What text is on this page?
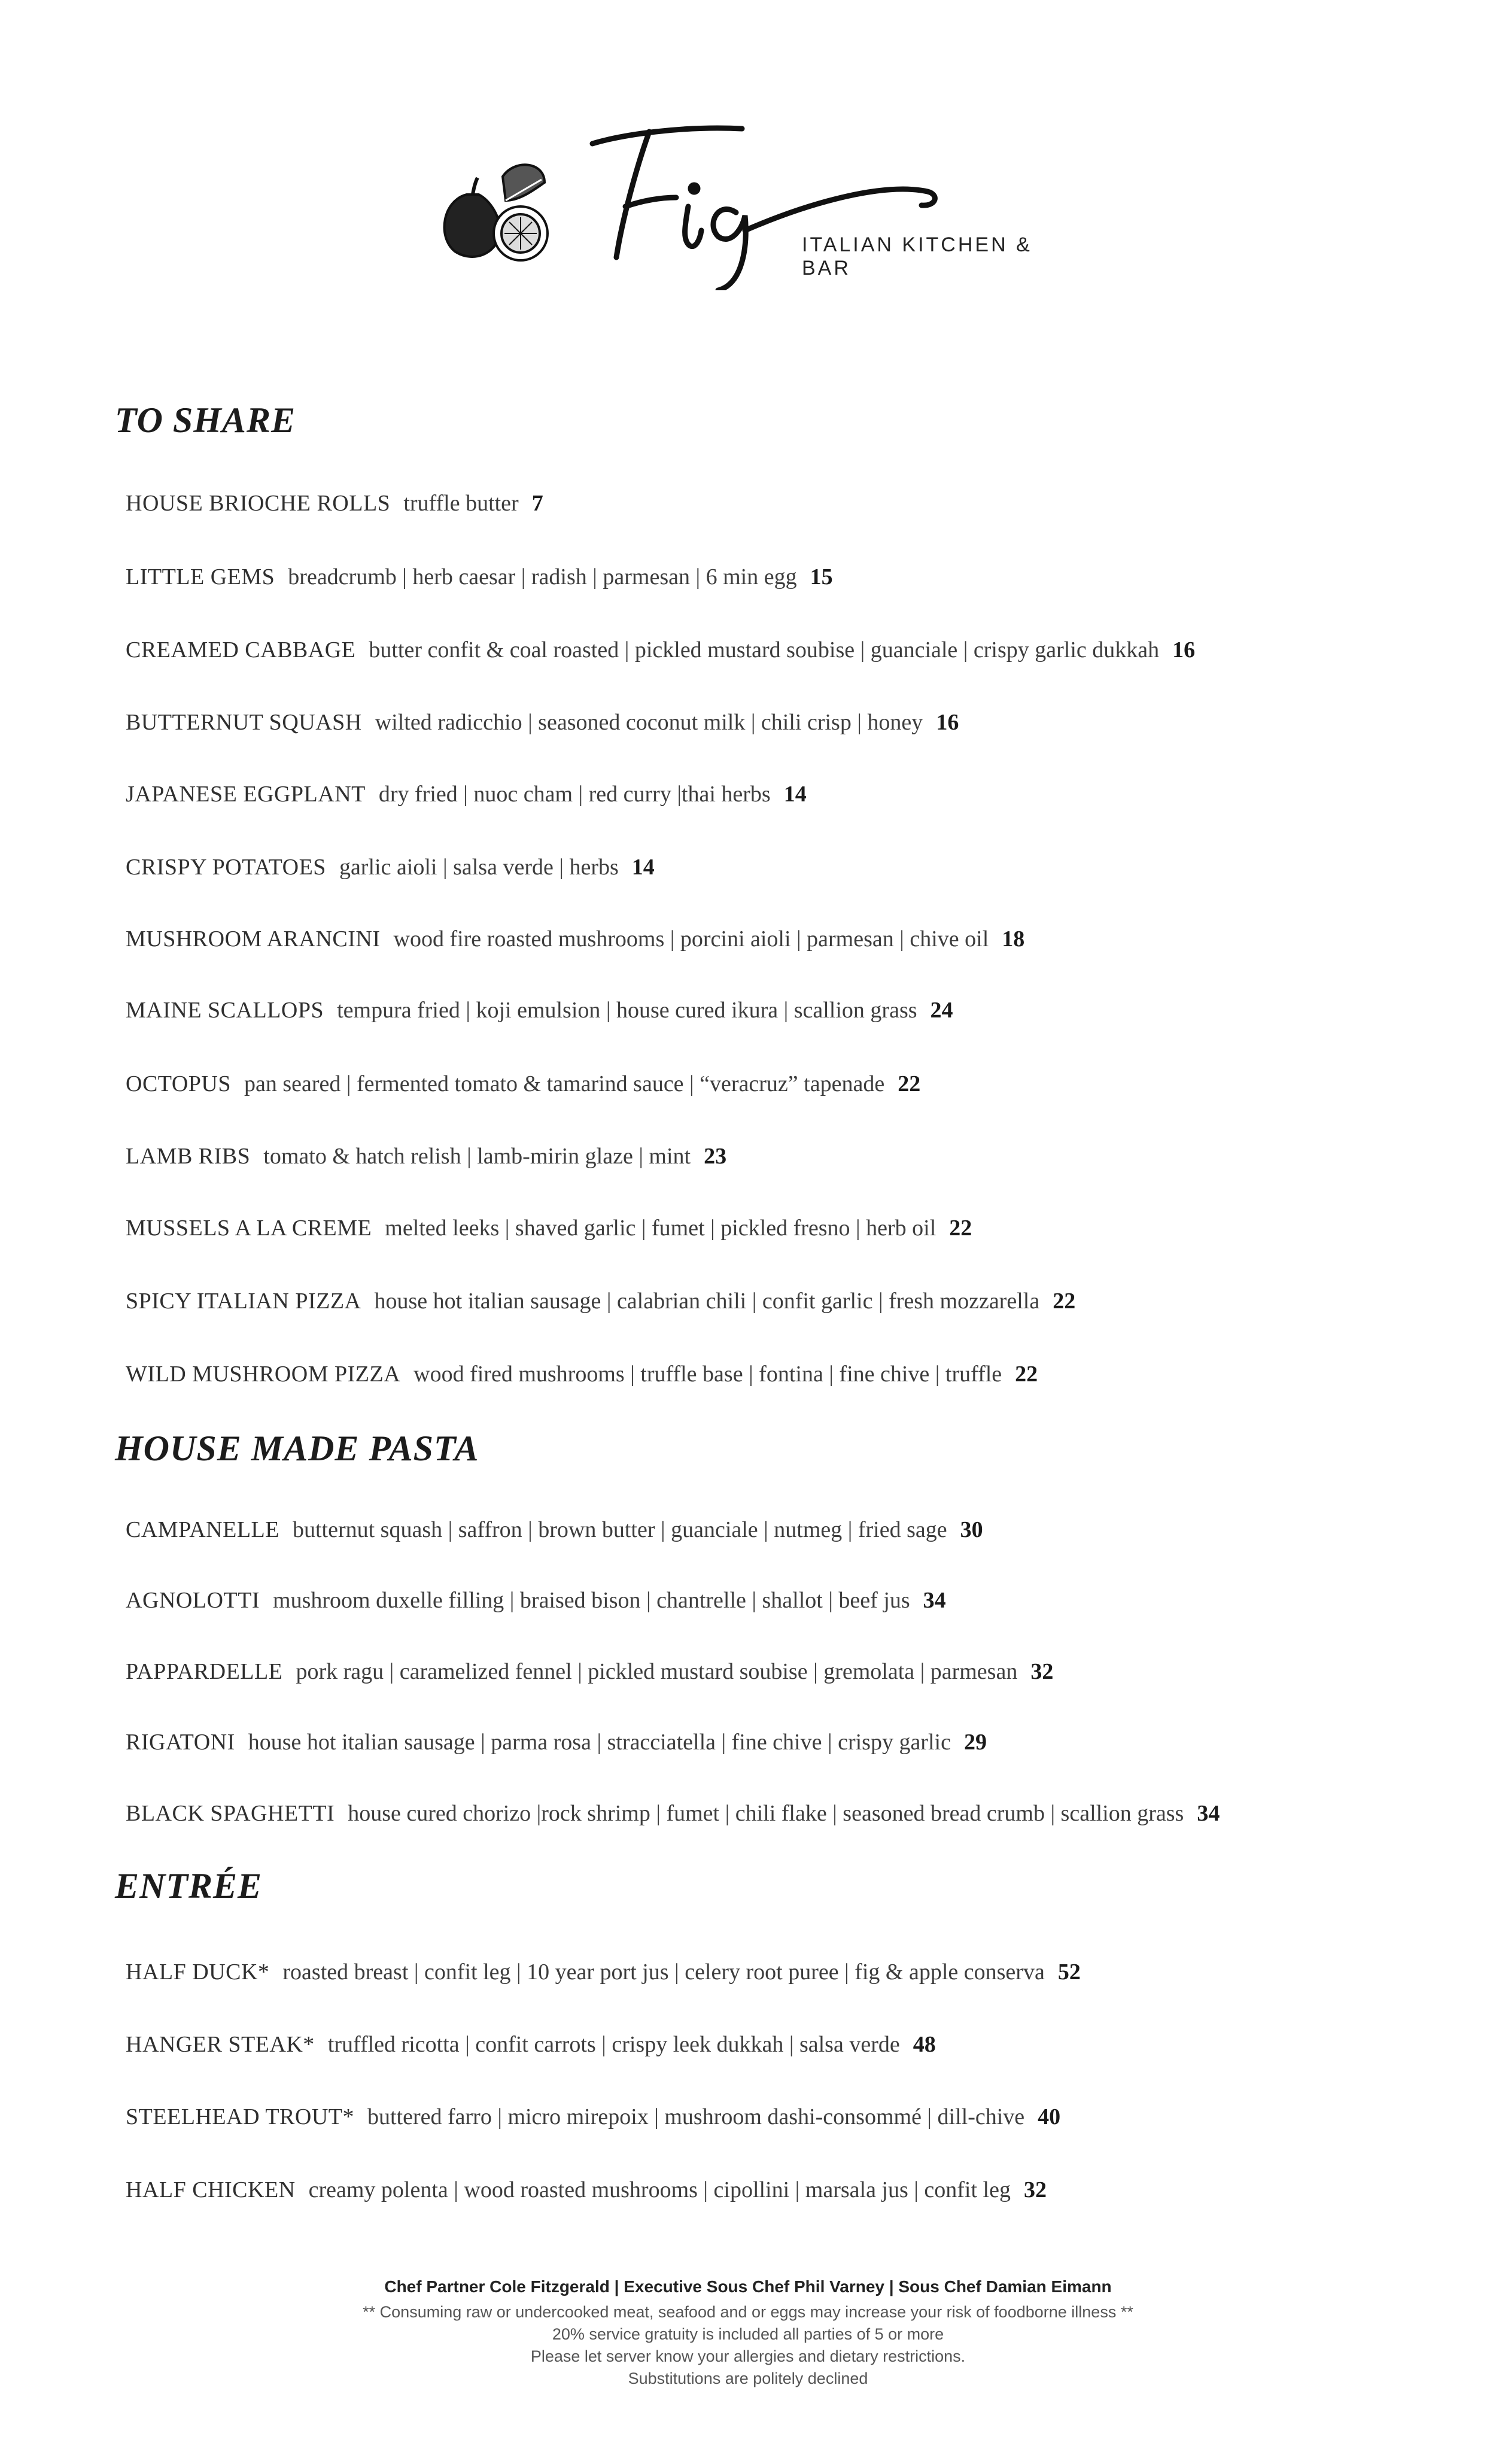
ITALIAN KITCHEN & BAR
TO SHARE
HOUSE BRIOCHE ROLLS truffle butter 7
LITTLE GEMS breadcrumb | herb caesar | radish | parmesan | 6 min egg 15
CREAMED CABBAGE butter confit & coal roasted | pickled mustard soubise | guanciale | crispy garlic dukkah 16
BUTTERNUT SQUASH wilted radicchio | seasoned coconut milk | chili crisp | honey 16
JAPANESE EGGPLANT dry fried | nuoc cham | red curry |thai herbs 14
CRISPY POTATOES garlic aioli | salsa verde | herbs 14
MUSHROOM ARANCINI wood fire roasted mushrooms | porcini aioli | parmesan | chive oil 18
MAINE SCALLOPS tempura fried | koji emulsion | house cured ikura | scallion grass 24
OCTOPUS pan seared | fermented tomato & tamarind sauce | “veracruz” tapenade 22
LAMB RIBS tomato & hatch relish | lamb-mirin glaze | mint 23
MUSSELS A LA CREME melted leeks | shaved garlic | fumet | pickled fresno | herb oil 22
SPICY ITALIAN PIZZA house hot italian sausage | calabrian chili | confit garlic | fresh mozzarella 22
WILD MUSHROOM PIZZA wood fired mushrooms | truffle base | fontina | fine chive | truffle 22
HOUSE MADE PASTA
CAMPANELLE butternut squash | saffron | brown butter | guanciale | nutmeg | fried sage 30
AGNOLOTTI mushroom duxelle filling | braised bison | chantrelle | shallot | beef jus 34
PAPPARDELLE pork ragu | caramelized fennel | pickled mustard soubise | gremolata | parmesan 32
RIGATONI house hot italian sausage | parma rosa | stracciatella | fine chive | crispy garlic 29
BLACK SPAGHETTI house cured chorizo |rock shrimp | fumet | chili flake | seasoned bread crumb | scallion grass 34
ENTRÉE
HALF DUCK* roasted breast | confit leg | 10 year port jus | celery root puree | fig & apple conserva 52
HANGER STEAK* truffled ricotta | confit carrots | crispy leek dukkah | salsa verde 48
STEELHEAD TROUT* buttered farro | micro mirepoix | mushroom dashi-consommé | dill-chive 40
HALF CHICKEN creamy polenta | wood roasted mushrooms | cipollini | marsala jus | confit leg 32
Chef Partner Cole Fitzgerald | Executive Sous Chef Phil Varney | Sous Chef Damian Eimann
** Consuming raw or undercooked meat, seafood and or eggs may increase your risk of foodborne illness **
20% service gratuity is included all parties of 5 or more
Please let server know your allergies and dietary restrictions.
Substitutions are politely declined
